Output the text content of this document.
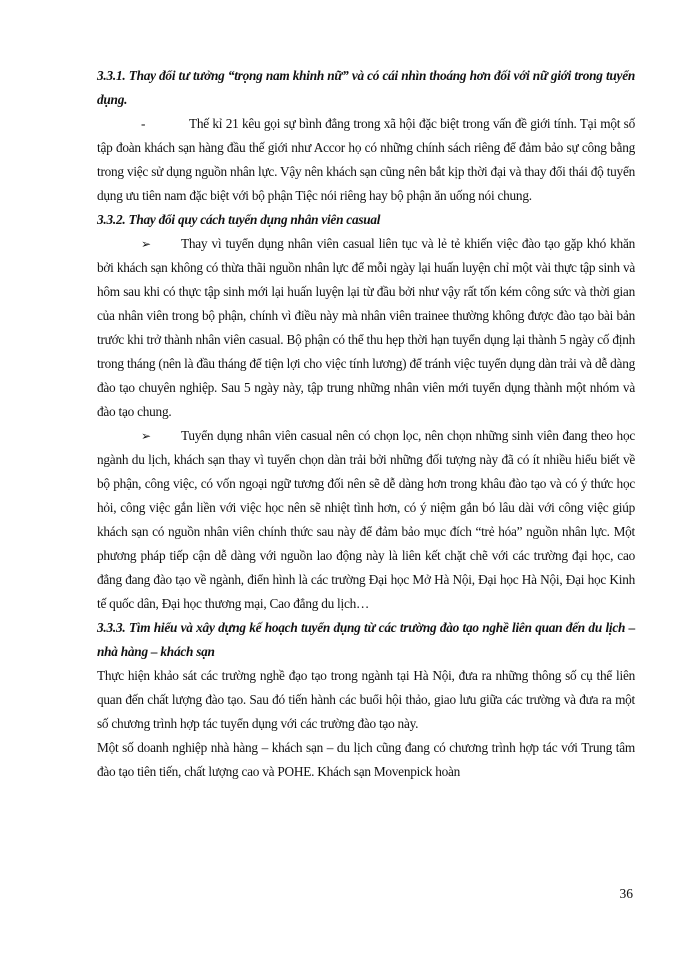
3.3.1. Thay đổi tư tưởng “trọng nam khinh nữ” và có cái nhìn thoáng hơn đối với nữ giới trong tuyển dụng.

-	Thế kỉ 21 kêu gọi sự bình đẳng trong xã hội đặc biệt trong vấn đề giới tính. Tại một số tập đoàn khách sạn hàng đầu thế giới như Accor họ có những chính sách riêng để đảm bảo sự công bằng trong việc sử dụng nguồn nhân lực. Vậy nên khách sạn cũng nên bắt kịp thời đại và thay đổi thái độ tuyển dụng ưu tiên nam đặc biệt với bộ phận Tiệc nói riêng hay bộ phận ăn uống nói chung.

3.3.2. Thay đổi quy cách tuyển dụng nhân viên casual

➢ Thay vì tuyển dụng nhân viên casual liên tục và lẻ tẻ khiến việc đào tạo gặp khó khăn bởi khách sạn không có thừa thãi nguồn nhân lực để mỗi ngày lại huấn luyện chỉ một vài thực tập sinh và hôm sau khi có thực tập sinh mới lại huấn luyện lại từ đầu bởi như vậy rất tốn kém công sức và thời gian của nhân viên trong bộ phận, chính vì điều này mà nhân viên trainee thường không được đào tạo bài bản trước khi trở thành nhân viên casual. Bộ phận có thể thu hẹp thời hạn tuyển dụng lại thành 5 ngày cố định trong tháng (nên là đầu tháng để tiện lợi cho việc tính lương) để tránh việc tuyển dụng dàn trải và dễ dàng đào tạo chuyên nghiệp. Sau 5 ngày này, tập trung những nhân viên mới tuyển dụng thành một nhóm và đào tạo chung.

➢ Tuyển dụng nhân viên casual nên có chọn lọc, nên chọn những sinh viên đang theo học ngành du lịch, khách sạn thay vì tuyển chọn dàn trải bởi những đối tượng này đã có ít nhiều hiểu biết về bộ phận, công việc, có vốn ngoại ngữ tương đối nên sẽ dễ dàng hơn trong khâu đào tạo và có ý thức học hỏi, công việc gắn liền với việc học nên sẽ nhiệt tình hơn, có ý niệm gắn bó lâu dài với công việc giúp khách sạn có nguồn nhân viên chính thức sau này để đảm bảo mục đích “trẻ hóa” nguồn nhân lực. Một phương pháp tiếp cận dễ dàng với nguồn lao động này là liên kết chặt chẽ với các trường đại học, cao đẳng đang đào tạo về ngành, điển hình là các trường Đại học Mở Hà Nội, Đại học Hà Nội, Đại học Kinh tế quốc dân, Đại học thương mại, Cao đẳng du lịch…

3.3.3. Tìm hiểu và xây dựng kế hoạch tuyển dụng từ các trường đào tạo nghề liên quan đến du lịch – nhà hàng – khách sạn

Thực hiện khảo sát các trường nghề đạo tạo trong ngành tại Hà Nội, đưa ra những thông số cụ thể liên quan đến chất lượng đào tạo. Sau đó tiến hành các buổi hội thảo, giao lưu giữa các trường và đưa ra một số chương trình hợp tác tuyển dụng với các trường đào tạo này.

Một số doanh nghiệp nhà hàng – khách sạn – du lịch cũng đang có chương trình hợp tác với Trung tâm đào tạo tiên tiến, chất lượng cao và POHE. Khách sạn Movenpick hoàn

36
